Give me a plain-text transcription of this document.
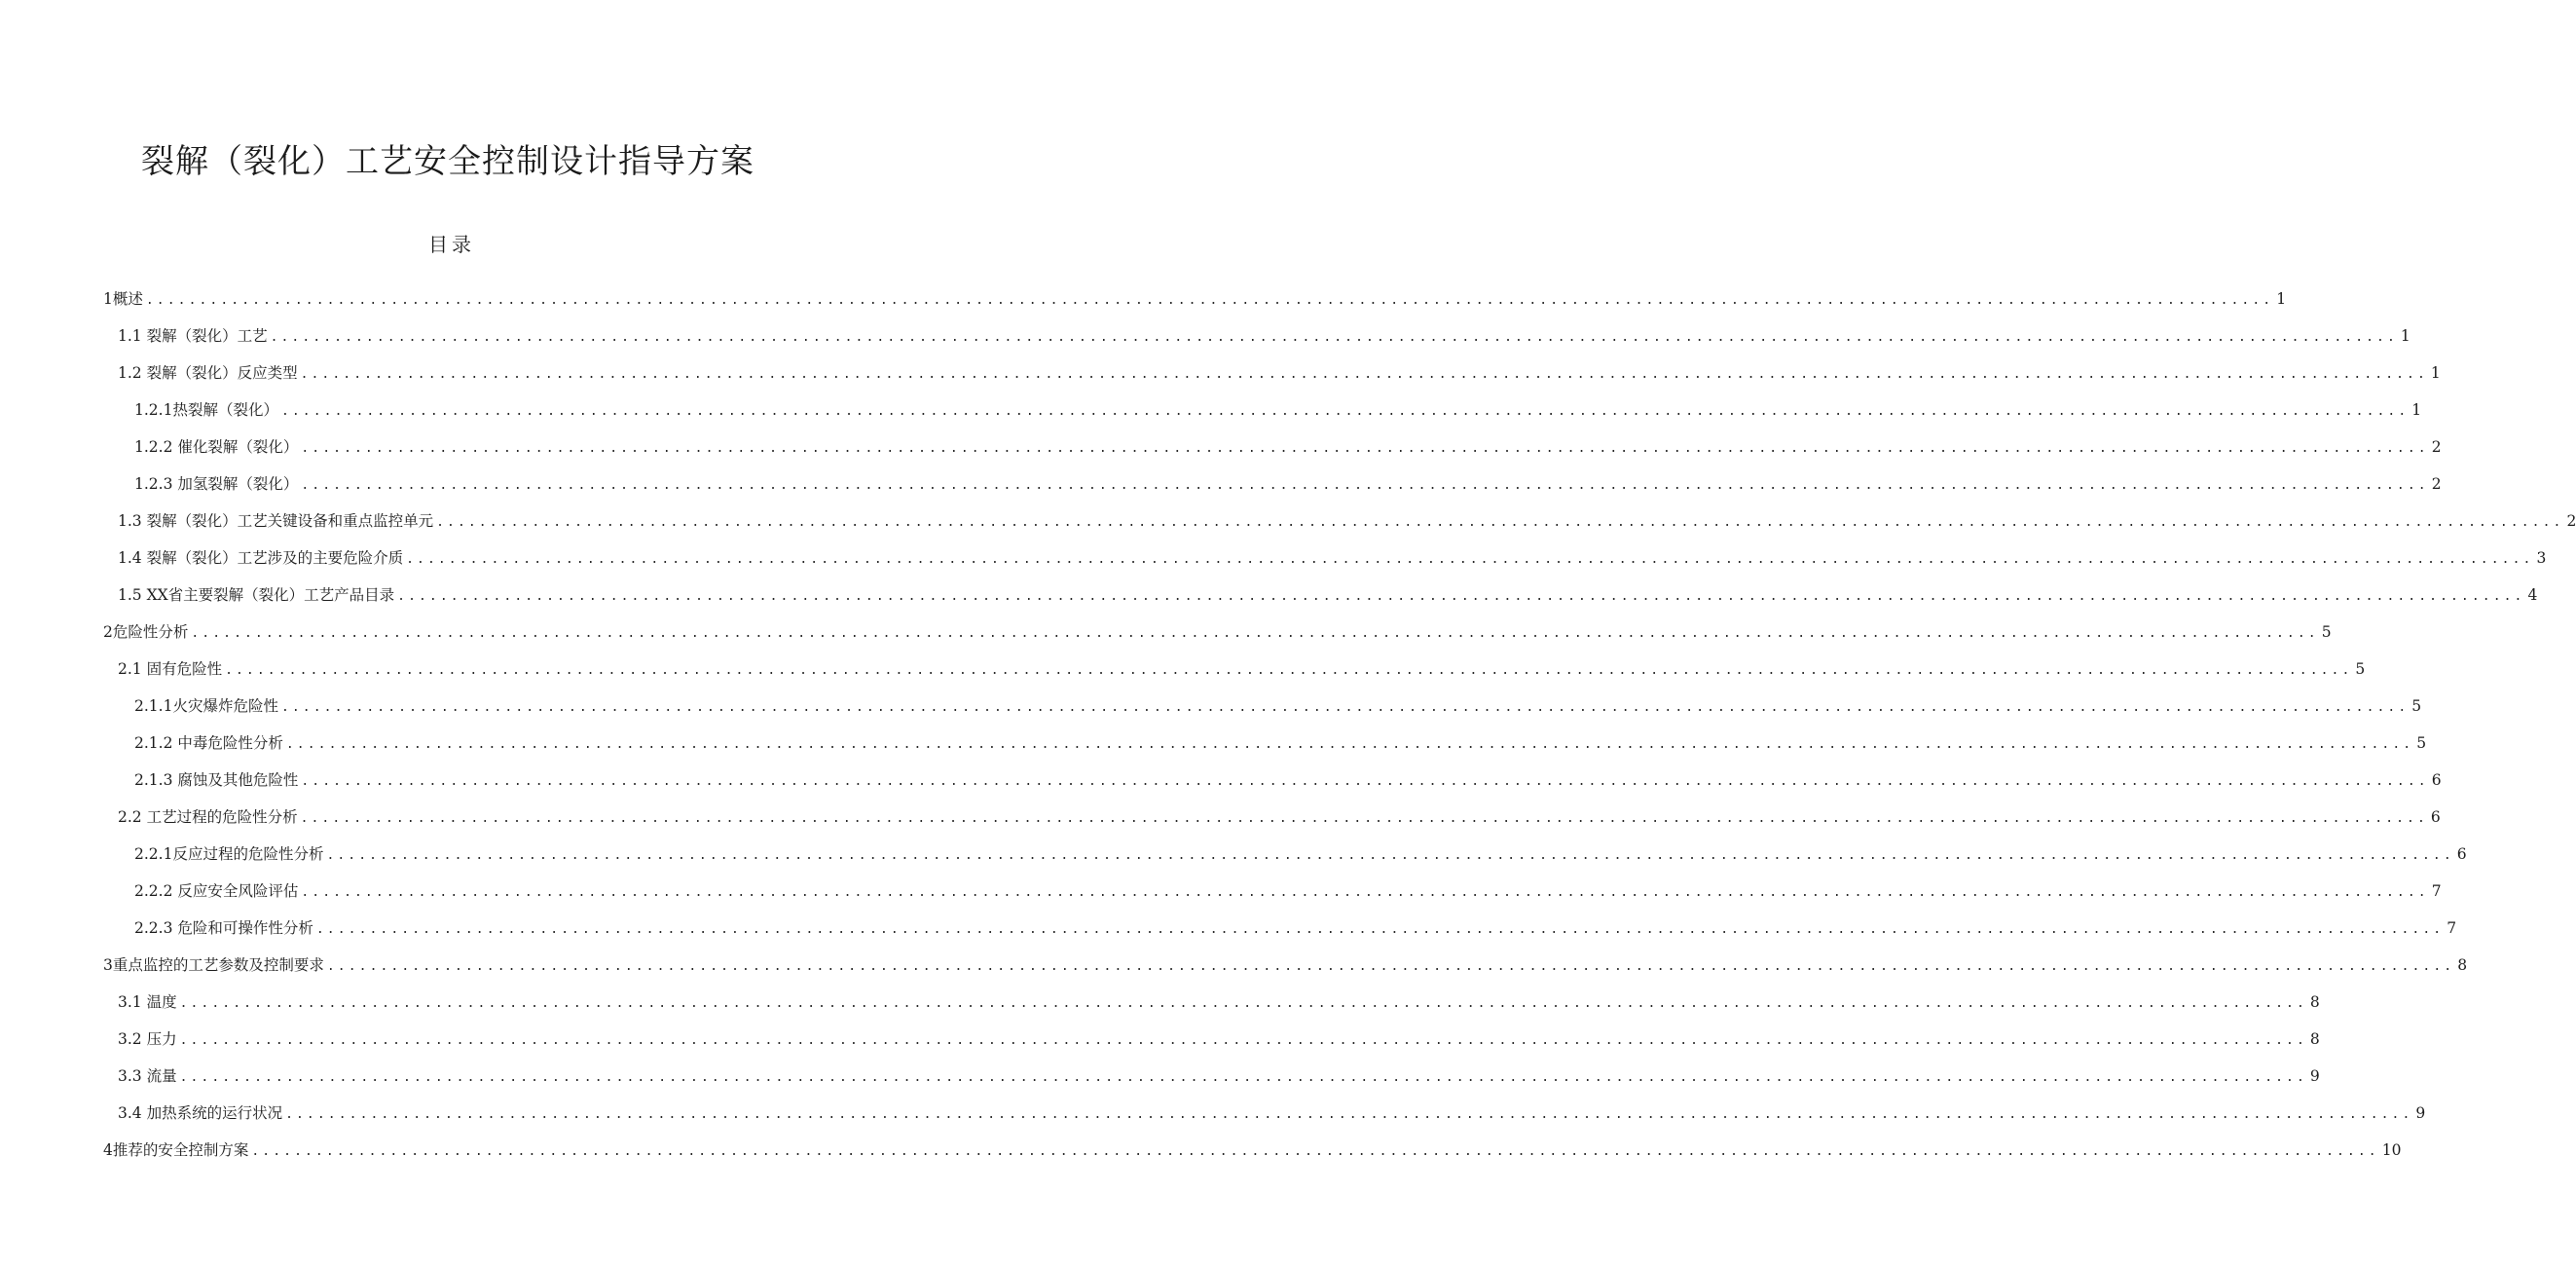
裂解（裂化）工艺安全控制设计指导方案
目录
1概述 ........................................................................................................................................................................................................ 1
1.1 裂解（裂化）工艺 ........................................................................................................................................................................................................ 1
1.2 裂解（裂化）反应类型 ........................................................................................................................................................................................................ 1
1.2.1热裂解（裂化） ........................................................................................................................................................................................................ 1
1.2.2 催化裂解（裂化） ........................................................................................................................................................................................................ 2
1.2.3 加氢裂解（裂化） ........................................................................................................................................................................................................ 2
1.3 裂解（裂化）工艺关键设备和重点监控单元 ........................................................................................................................................................................................................ 2
1.4 裂解（裂化）工艺涉及的主要危险介质 ........................................................................................................................................................................................................ 3
1.5 XX省主要裂解（裂化）工艺产品目录 ........................................................................................................................................................................................................ 4
2危险性分析 ........................................................................................................................................................................................................ 5
2.1 固有危险性 ........................................................................................................................................................................................................ 5
2.1.1火灾爆炸危险性 ........................................................................................................................................................................................................ 5
2.1.2 中毒危险性分析 ........................................................................................................................................................................................................ 5
2.1.3 腐蚀及其他危险性 ........................................................................................................................................................................................................ 6
2.2 工艺过程的危险性分析 ........................................................................................................................................................................................................ 6
2.2.1反应过程的危险性分析 ........................................................................................................................................................................................................ 6
2.2.2 反应安全风险评估 ........................................................................................................................................................................................................ 7
2.2.3 危险和可操作性分析 ........................................................................................................................................................................................................ 7
3重点监控的工艺参数及控制要求 ........................................................................................................................................................................................................ 8
3.1 温度 ........................................................................................................................................................................................................ 8
3.2 压力 ........................................................................................................................................................................................................ 8
3.3 流量 ........................................................................................................................................................................................................ 9
3.4 加热系统的运行状况 ........................................................................................................................................................................................................ 9
4推荐的安全控制方案 ........................................................................................................................................................................................................ 10
